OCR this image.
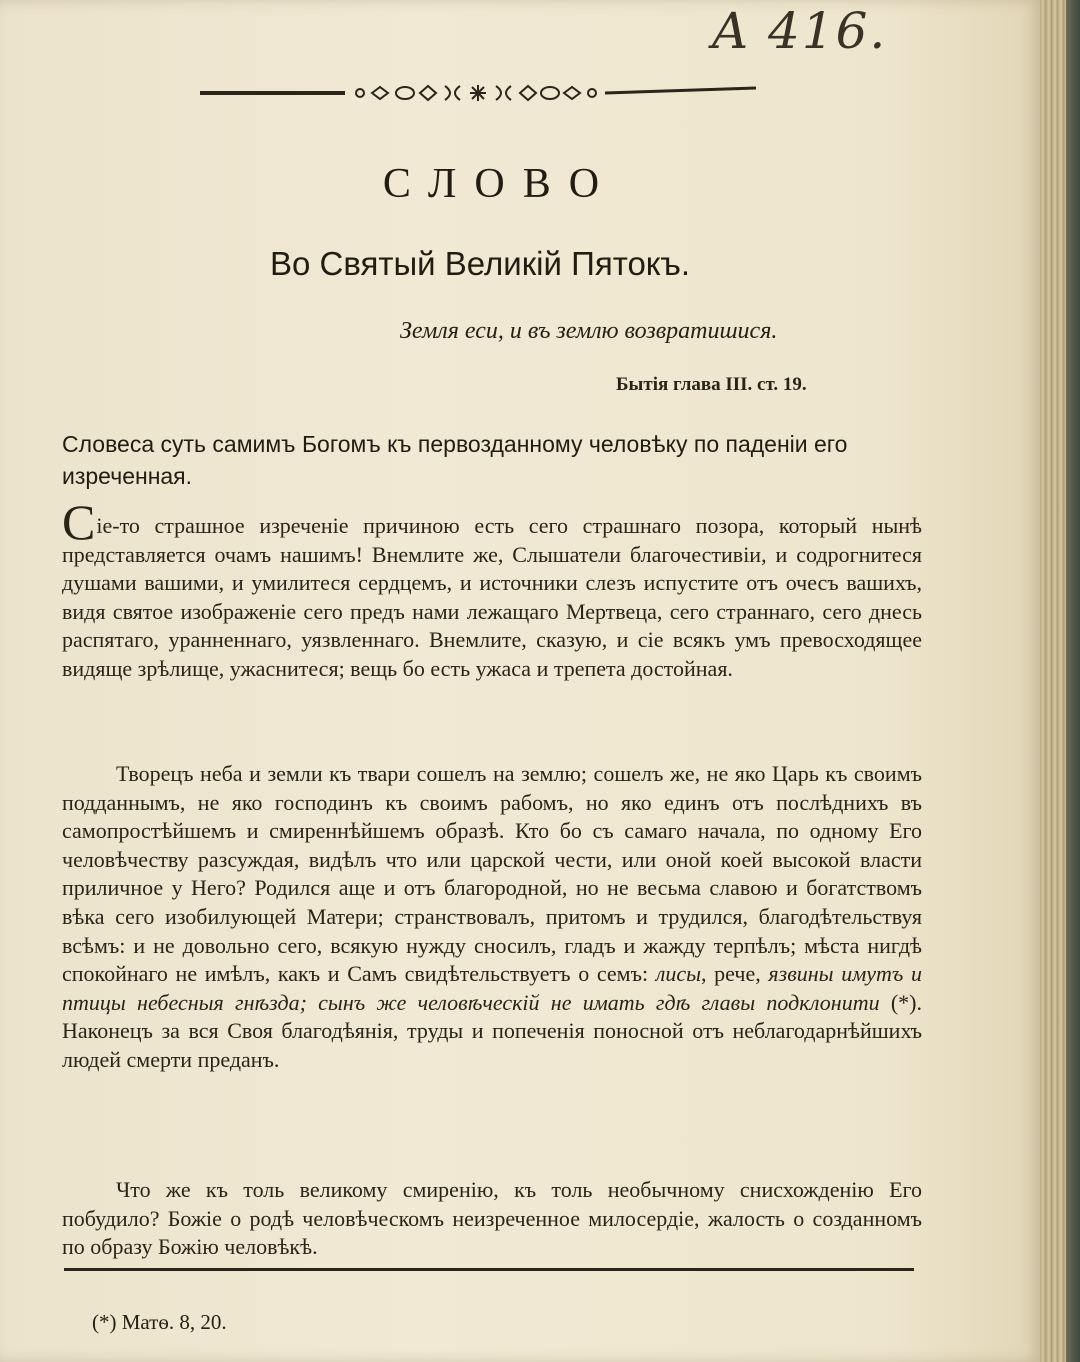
A 416.
СЛОВО
Во Святый Великій Пятокъ.
Земля еси, и въ землю возвратишися.
Бытія глава III. ст. 19.
Словеса суть самимъ Богомъ къ первозданному человѣку по паденіи его изреченная.
Сіе-то страшное изреченіе причиною есть сего страшнаго позора, который нынѣ представляется очамъ нашимъ! Внемлите же, Слышатели благочестивіи, и содрогнитеся душами вашими, и умилитеся сердцемъ, и источники слезъ испустите отъ очесъ вашихъ, видя святое изображеніе сего предъ нами лежащаго Мертвеца, сего страннаго, сего днесь распятаго, уранненнаго, уязвленнаго. Внемлите, сказую, и сіе всякъ умъ превосходящее видяще зрѣлище, ужаснитеся; вещь бо есть ужаса и трепета достойная.
Творецъ неба и земли къ твари сошелъ на землю; сошелъ же, не яко Царь къ своимъ подданнымъ, не яко господинъ къ своимъ рабомъ, но яко единъ отъ послѣднихъ въ самопростѣйшемъ и смиреннѣйшемъ образѣ. Кто бо съ самаго начала, по одному Его человѣчеству разсуждая, видѣлъ что или царской чести, или оной коей высокой власти приличное у Него? Родился аще и отъ благородной, но не весьма славою и богатствомъ вѣка сего изобилующей Матери; странствовалъ, притомъ и трудился, благодѣтельствуя всѣмъ: и не довольно сего, всякую нужду сносилъ, гладъ и жажду терпѣлъ; мѣста нигдѣ спокойнаго не имѣлъ, какъ и Самъ свидѣтельствуетъ о семъ: лисы, рече, язвины имутъ и птицы небесныя гнѣзда; сынъ же человѣческій не имать гдѣ главы подклонити (*). Наконецъ за вся Своя благодѣянія, труды и попеченія поносной отъ неблагодарнѣйшихъ людей смерти преданъ.
Что же къ толь великому смиренію, къ толь необычному снисхожденію Его побудило? Божіе о родѣ человѣческомъ неизреченное милосердіе, жалость о созданномъ по образу Божію человѣкѣ.
(*) Матѳ. 8, 20.
